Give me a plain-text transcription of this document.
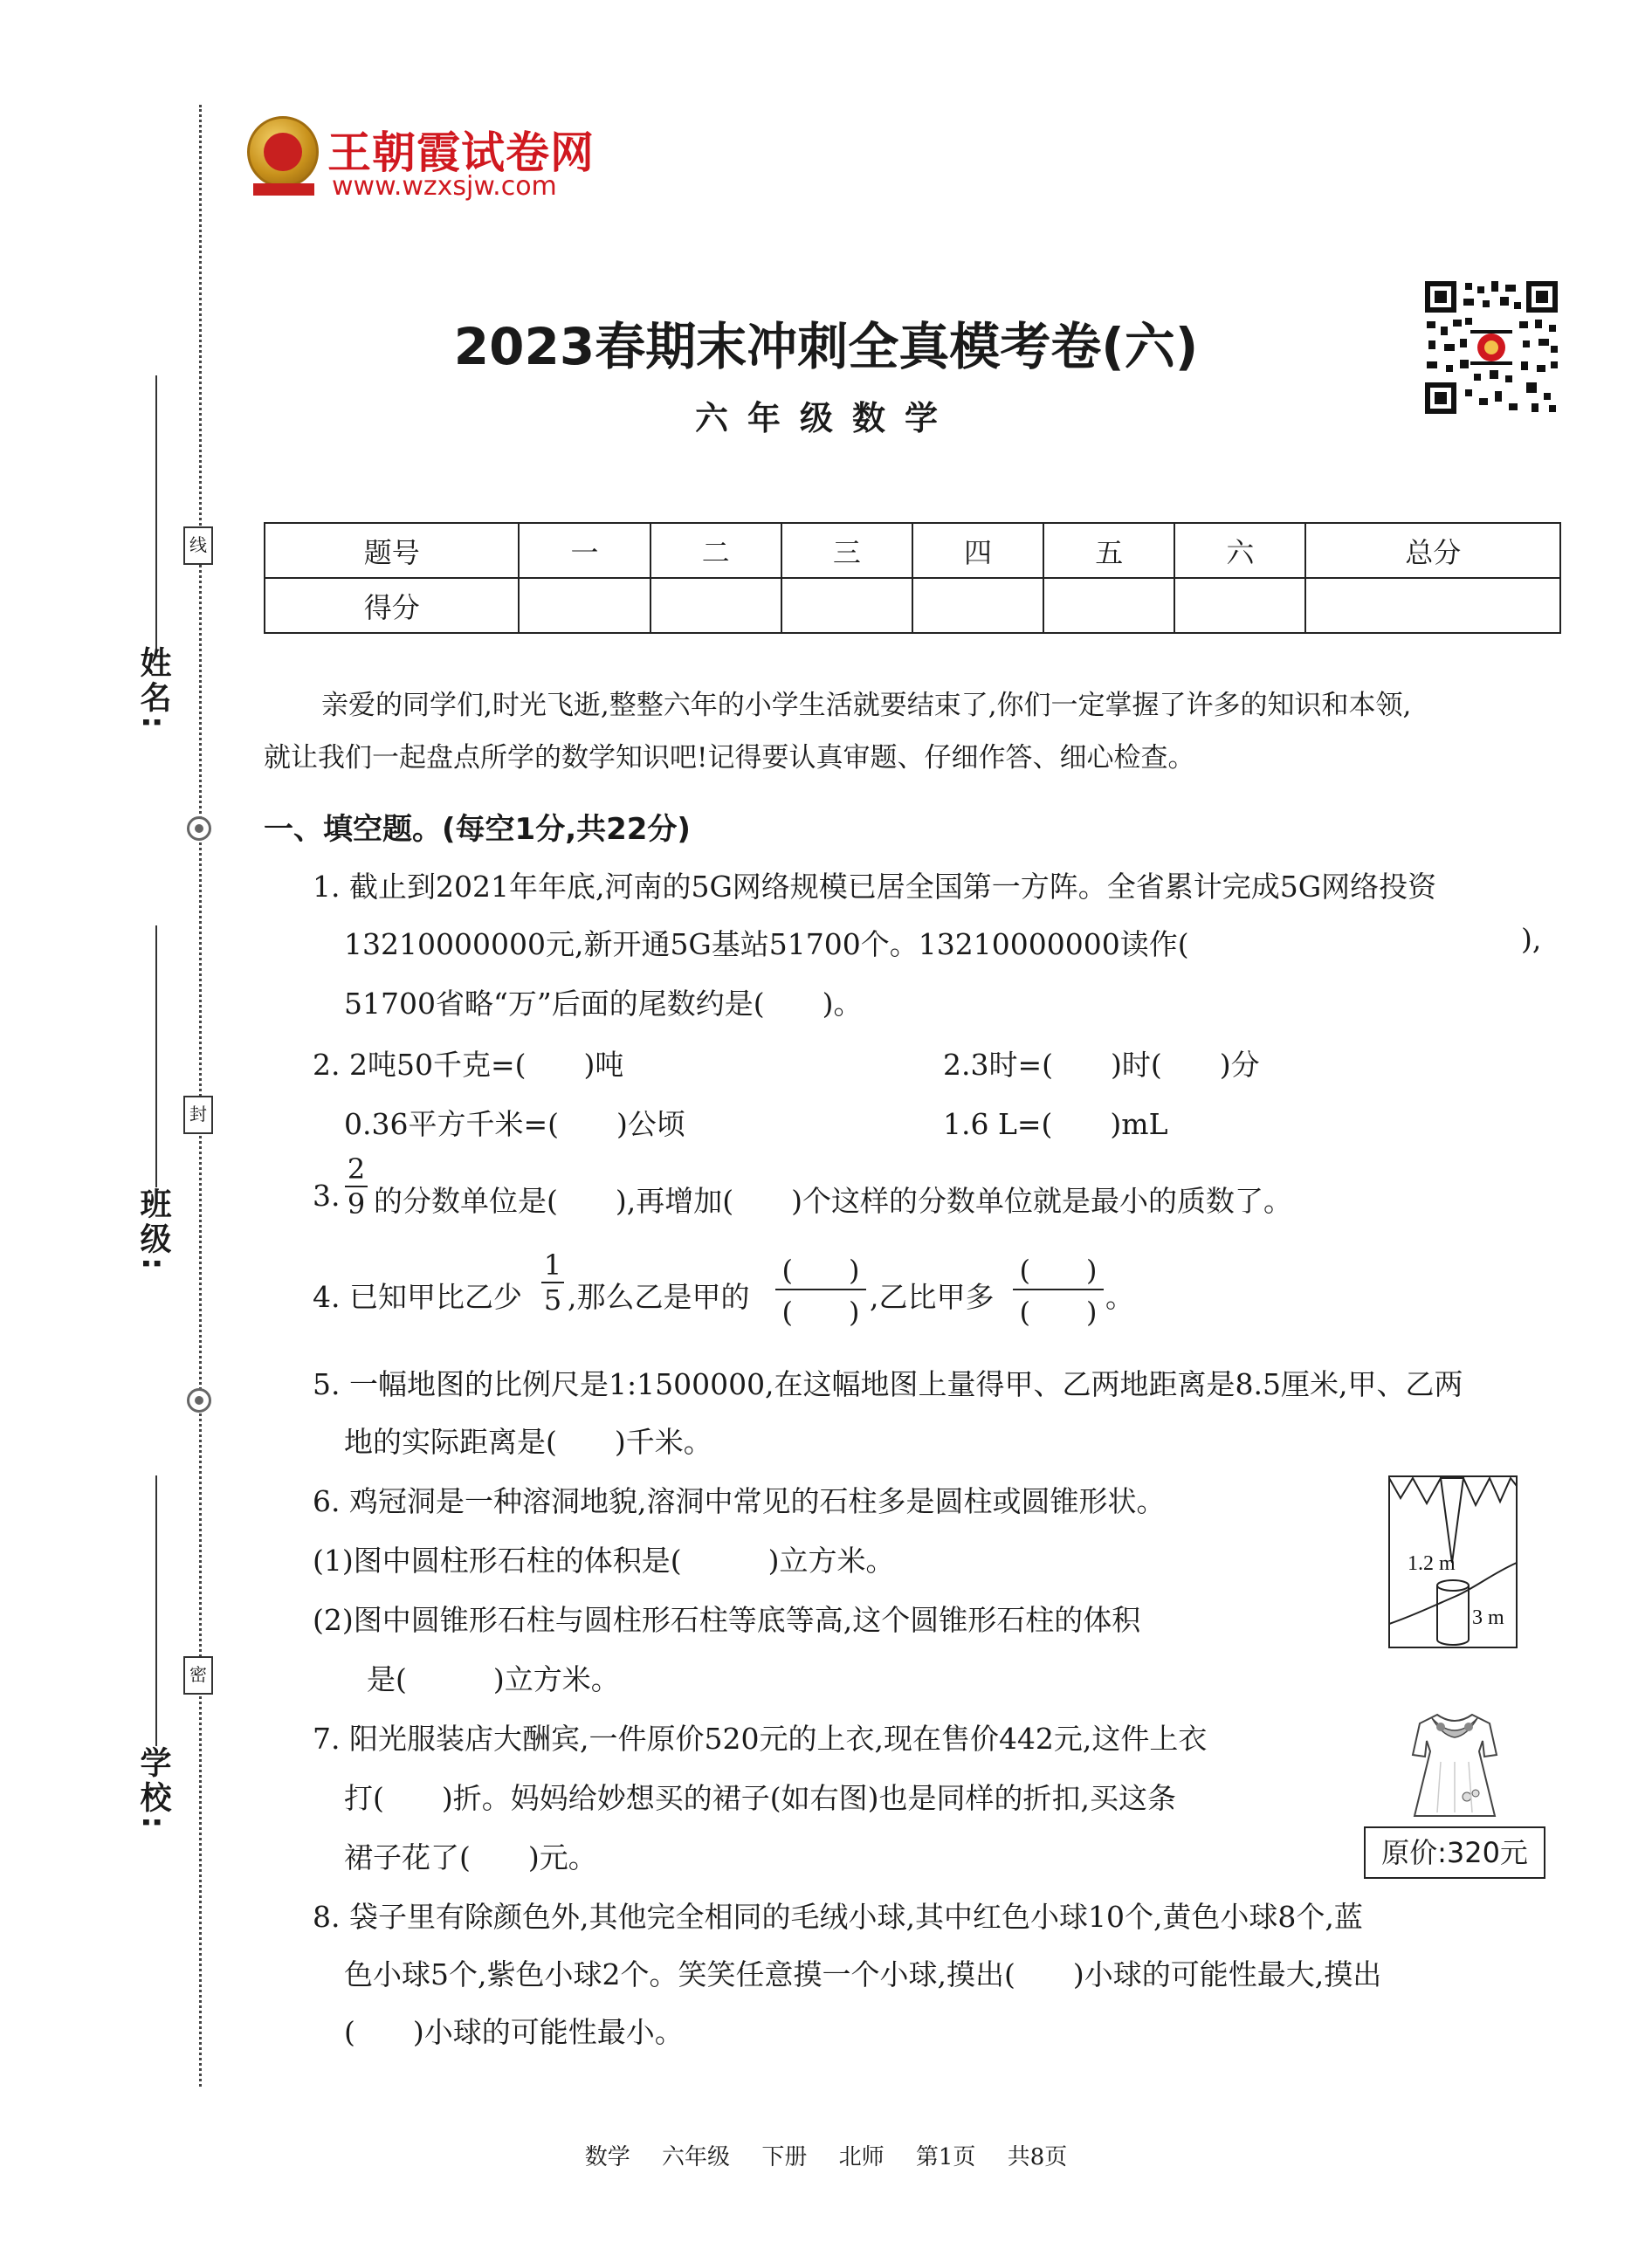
姓名:
班级:
学校:
线
封
密
王朝霞试卷网
www.wzxsjw.com
2023春期末冲刺全真模考卷(六)
六年级数学
题号	一	二	三	四	五	六	总分
得分							
亲爱的同学们,时光飞逝,整整六年的小学生活就要结束了,你们一定掌握了许多的知识和本领,
就让我们一起盘点所学的数学知识吧!记得要认真审题、仔细作答、细心检查。
一、填空题。(每空1分,共22分)
1. 截止到2021年年底,河南的5G网络规模已居全国第一方阵。全省累计完成5G网络投资
13210000000元,新开通5G基站51700个。13210000000读作(	),
51700省略“万”后面的尾数约是(　　)。
2. 2吨50千克=(　　)吨	2.3时=(　　)时(　　)分
0.36平方千米=(　　)公顷	1.6 L=(　　)mL
3. $\frac{2}{9}$ 的分数单位是(　　),再增加(　　)个这样的分数单位就是最小的质数了。
4. 已知甲比乙少 $\frac{1}{5}$ ,那么乙是甲的
(　　)
(　　) ,乙比甲多
(　　)
(　　) 。
5. 一幅地图的比例尺是1:1500000,在这幅地图上量得甲、乙两地距离是8.5厘米,甲、乙两
地的实际距离是(　　)千米。
6. 鸡冠洞是一种溶洞地貌,溶洞中常见的石柱多是圆柱或圆锥形状。
(1)图中圆柱形石柱的体积是(　　　)立方米。
(2)图中圆锥形石柱与圆柱形石柱等底等高,这个圆锥形石柱的体积
是(　　　)立方米。
1.2 m
3 m
7. 阳光服装店大酬宾,一件原价520元的上衣,现在售价442元,这件上衣
打(　　)折。妈妈给妙想买的裙子(如右图)也是同样的折扣,买这条
裙子花了(　　)元。	原价:320元
8. 袋子里有除颜色外,其他完全相同的毛绒小球,其中红色小球10个,黄色小球8个,蓝
色小球5个,紫色小球2个。笑笑任意摸一个小球,摸出(　　)小球的可能性最大,摸出
(　　)小球的可能性最小。
数学 六年级 下册 北师 第1页 共8页
